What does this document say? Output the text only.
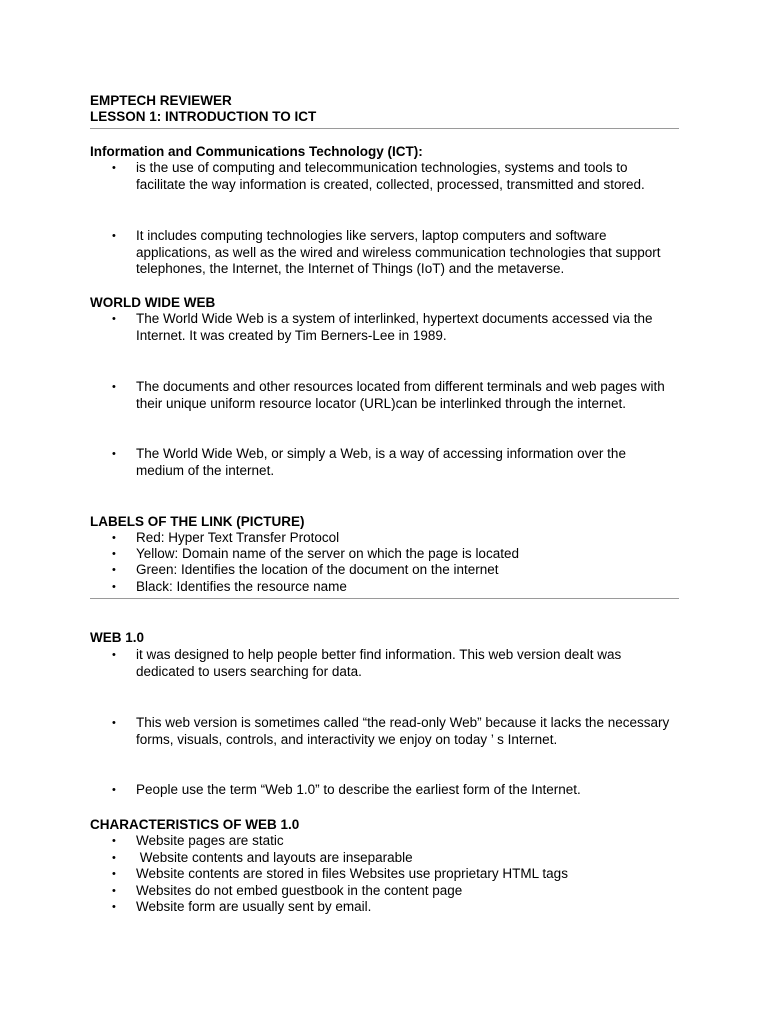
EMPTECH REVIEWER
LESSON 1: INTRODUCTION TO ICT
Information and Communications Technology (ICT):
• is the use of computing and telecommunication technologies, systems and tools to facilitate the way information is created, collected, processed, transmitted and stored.
• It includes computing technologies like servers, laptop computers and software applications, as well as the wired and wireless communication technologies that support telephones, the Internet, the Internet of Things (IoT) and the metaverse.
WORLD WIDE WEB
• The World Wide Web is a system of interlinked, hypertext documents accessed via the Internet. It was created by Tim Berners-Lee in 1989.
• The documents and other resources located from different terminals and web pages with their unique uniform resource locator (URL)can be interlinked through the internet.
• The World Wide Web, or simply a Web, is a way of accessing information over the medium of the internet.
LABELS OF THE LINK (PICTURE)
• Red: Hyper Text Transfer Protocol
• Yellow: Domain name of the server on which the page is located
• Green: Identifies the location of the document on the internet
• Black: Identifies the resource name
WEB 1.0
• it was designed to help people better find information. This web version dealt was dedicated to users searching for data.
• This web version is sometimes called “the read-only Web” because it lacks the necessary forms, visuals, controls, and interactivity we enjoy on today ’ s Internet.
• People use the term “Web 1.0” to describe the earliest form of the Internet.
CHARACTERISTICS OF WEB 1.0
• Website pages are static
• Website contents and layouts are inseparable
• Website contents are stored in files Websites use proprietary HTML tags
• Websites do not embed guestbook in the content page
• Website form are usually sent by email.
